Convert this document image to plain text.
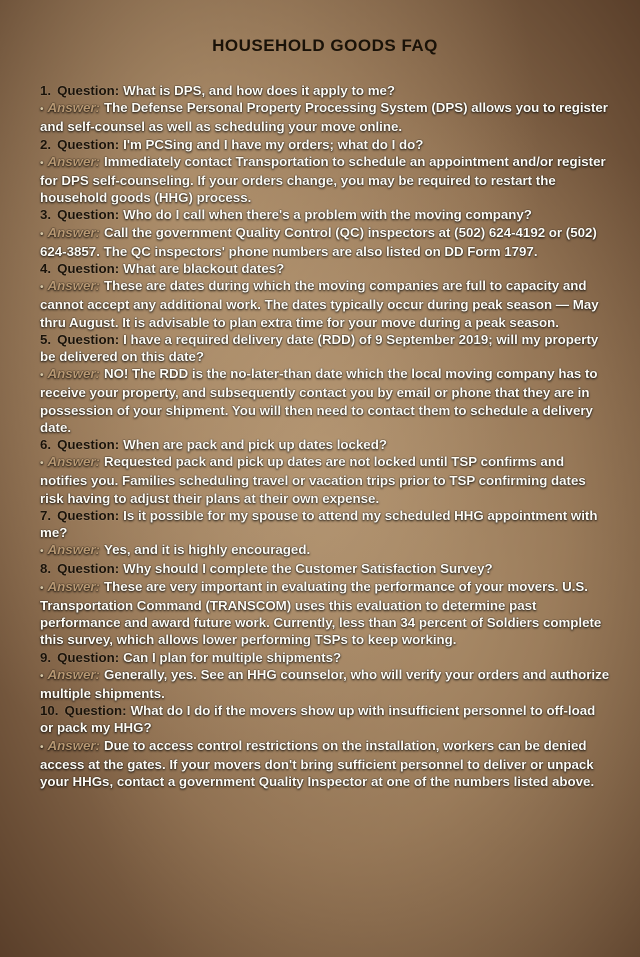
HOUSEHOLD GOODS FAQ

1. Question: What is DPS, and how does it apply to me?

• Answer: The Defense Personal Property Processing System (DPS) allows you to register and self-counsel as well as scheduling your move online.

2. Question: I'm PCSing and I have my orders; what do I do?

• Answer: Immediately contact Transportation to schedule an appointment and/or register for DPS self-counseling. If your orders change, you may be required to restart the household goods (HHG) process.

3. Question: Who do I call when there's a problem with the moving company?

• Answer: Call the government Quality Control (QC) inspectors at (502) 624-4192 or (502) 624-3857. The QC inspectors' phone numbers are also listed on DD Form 1797.

4. Question: What are blackout dates?

• Answer: These are dates during which the moving companies are full to capacity and cannot accept any additional work. The dates typically occur during peak season — May thru August. It is advisable to plan extra time for your move during a peak season.

5. Question: I have a required delivery date (RDD) of 9 September 2019; will my property be delivered on this date?

• Answer: NO! The RDD is the no-later-than date which the local moving company has to receive your property, and subsequently contact you by email or phone that they are in possession of your shipment. You will then need to contact them to schedule a delivery date.

6. Question: When are pack and pick up dates locked?

• Answer: Requested pack and pick up dates are not locked until TSP confirms and notifies you. Families scheduling travel or vacation trips prior to TSP confirming dates risk having to adjust their plans at their own expense.

7. Question: Is it possible for my spouse to attend my scheduled HHG appointment with me?

• Answer: Yes, and it is highly encouraged.

8. Question: Why should I complete the Customer Satisfaction Survey?

• Answer: These are very important in evaluating the performance of your movers. U.S. Transportation Command (TRANSCOM) uses this evaluation to determine past performance and award future work. Currently, less than 34 percent of Soldiers complete this survey, which allows lower performing TSPs to keep working.

9. Question: Can I plan for multiple shipments?

• Answer: Generally, yes. See an HHG counselor, who will verify your orders and authorize multiple shipments.

10. Question: What do I do if the movers show up with insufficient personnel to off-load or pack my HHG?

• Answer: Due to access control restrictions on the installation, workers can be denied access at the gates. If your movers don't bring sufficient personnel to deliver or unpack your HHGs, contact a government Quality Inspector at one of the numbers listed above.
